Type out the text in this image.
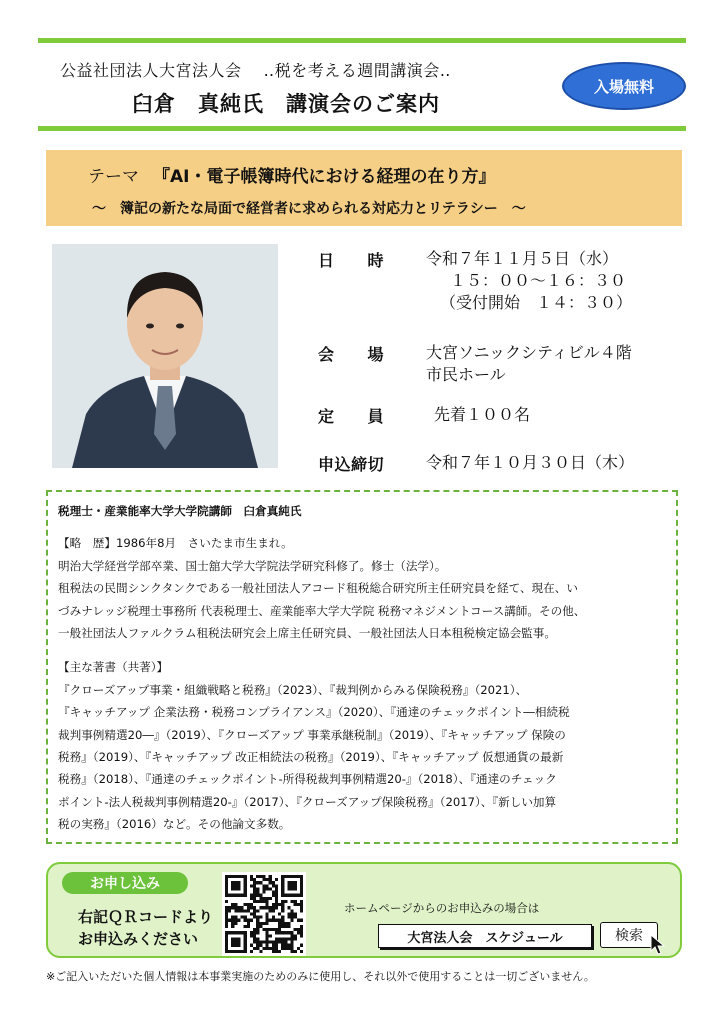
公益社団法人大宮法人会 ‥税を考える週間講演会‥
臼倉　真純氏　講演会のご案内
入場無料
テーマ 『AI・電子帳簿時代における経理の在り方』
〜 簿記の新たな局面で経営者に求められる対応力とリテラシー 〜
日　　時	令和７年１１月５日（水）
１５：００〜１６：３０
（受付開始　１４：３０）
会　　場	大宮ソニックシティビル４階
市民ホール
定　　員	先着１００名
申込締切	令和７年１０月３０日（木）

税理士・産業能率大学大学院講師　臼倉真純氏

【略　歴】1986年8月　さいたま市生まれ。

明治大学経営学部卒業、国士舘大学大学院法学研究科修了。修士（法学）。

租税法の民間シンクタンクである一般社団法人アコード租税総合研究所主任研究員を経て、現在、い

づみナレッジ税理士事務所 代表税理士、産業能率大学大学院 税務マネジメントコース講師。その他、

一般社団法人ファルクラム租税法研究会上席主任研究員、一般社団法人日本租税検定協会監事。

【主な著書（共著）】

『クローズアップ事業・組織戦略と税務』（2023）、『裁判例からみる保険税務』（2021）、

『キャッチアップ 企業法務・税務コンプライアンス』（2020）、『通達のチェックポイント―相続税

裁判事例精選20―』（2019）、『クローズアップ 事業承継税制』（2019）、『キャッチアップ 保険の

税務』（2019）、『キャッチアップ 改正相続法の税務』（2019）、『キャッチアップ 仮想通貨の最新

税務』（2018）、『通達のチェックポイント-所得税裁判事例精選20-』（2018）、『通達のチェック

ポイント-法人税裁判事例精選20-』（2017）、『クローズアップ保険税務』（2017）、『新しい加算

税の実務』（2016）など。その他論文多数。

お申し込み
右記ＱＲコードより
お申込みください
ホームページからのお申込みの場合は
大宮法人会　スケジュール	検索
※ご記入いただいた個人情報は本事業実施のためのみに使用し、それ以外で使用することは一切ございません。
